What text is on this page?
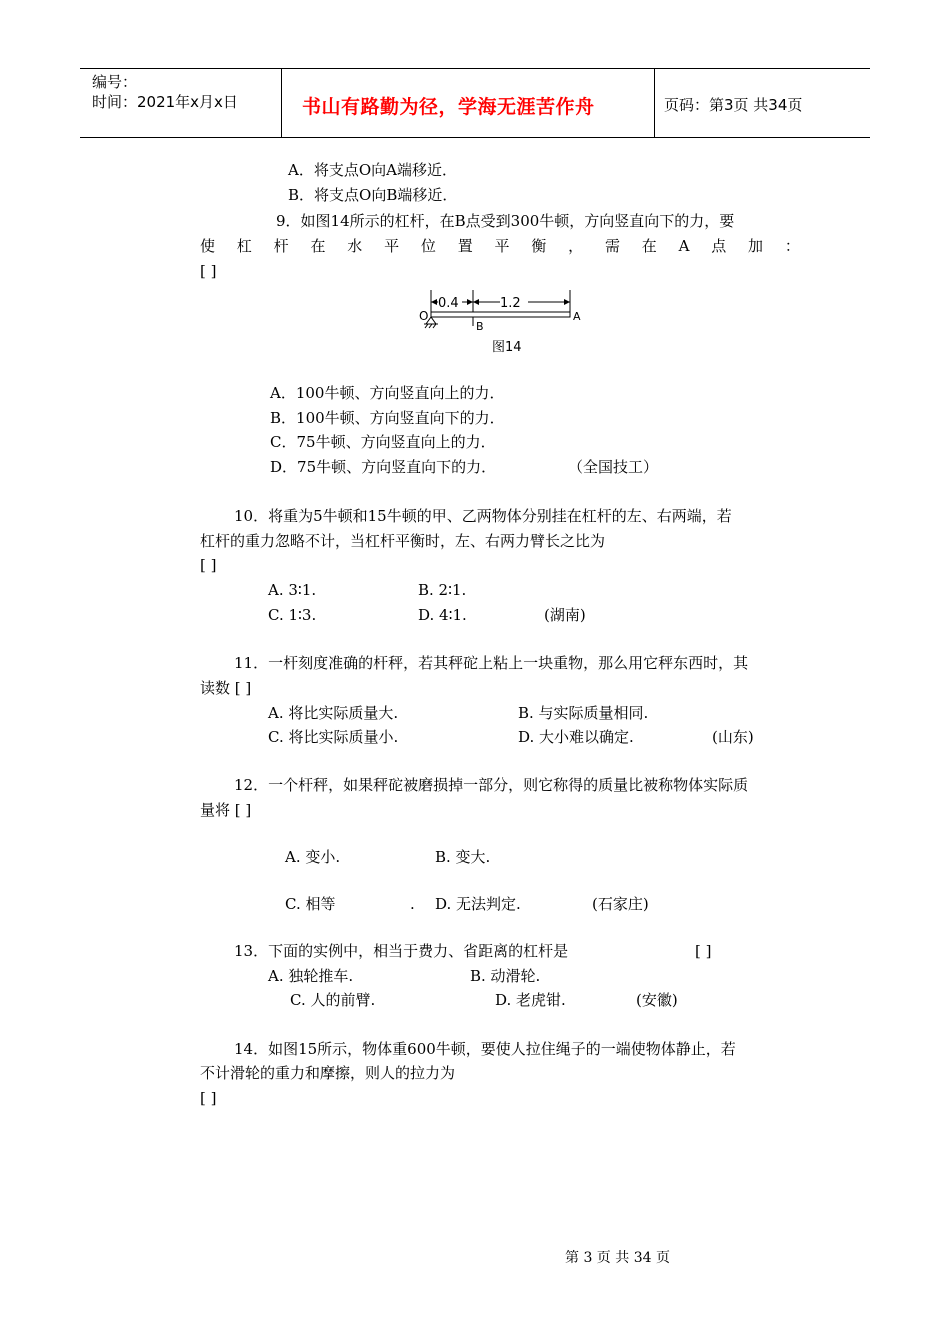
编号：
时间：2021年x月x日	书山有路勤为径，学海无涯苦作舟	页码：第3页 共34页
A．将支点O向A端移近．
B．将支点O向B端移近．
9．如图14所示的杠杆，在B点受到300牛顿，方向竖直向下的力，要
使 杠 杆 在 水 平 位 置 平 衡 ， 需 在 A 点 加 ：
[ ]
0.4	1.2
O
B
A
图14
A．100牛顿、方向竖直向上的力．
B．100牛顿、方向竖直向下的力．
C．75牛顿、方向竖直向上的力．
D．75牛顿、方向竖直向下的力．	（全国技工）
10．将重为5牛顿和15牛顿的甲、乙两物体分别挂在杠杆的左、右两端，若
杠杆的重力忽略不计，当杠杆平衡时，左、右两力臂长之比为
[ ]
A. 3∶1.	B. 2∶1.
C. 1∶3.	D. 4∶1.	(湖南)
11．一杆刻度准确的杆秤，若其秤砣上粘上一块重物，那么用它秤东西时，其
读数 [ ]
A. 将比实际质量大.	B. 与实际质量相同.
C. 将比实际质量小.	D. 大小难以确定.	(山东)
12．一个杆秤，如果秤砣被磨损掉一部分，则它称得的质量比被称物体实际质
量将 [ ]
A. 变小.	B. 变大.
C. 相等	. D. 无法判定.	(石家庄)
13．下面的实例中，相当于费力、省距离的杠杆是	[ ]
A. 独轮推车.	B. 动滑轮.
C. 人的前臂.	D. 老虎钳.	(安徽)
14．如图15所示，物体重600牛顿，要使人拉住绳子的一端使物体静止，若
不计滑轮的重力和摩擦，则人的拉力为
[ ]
第 3 页 共 34 页
